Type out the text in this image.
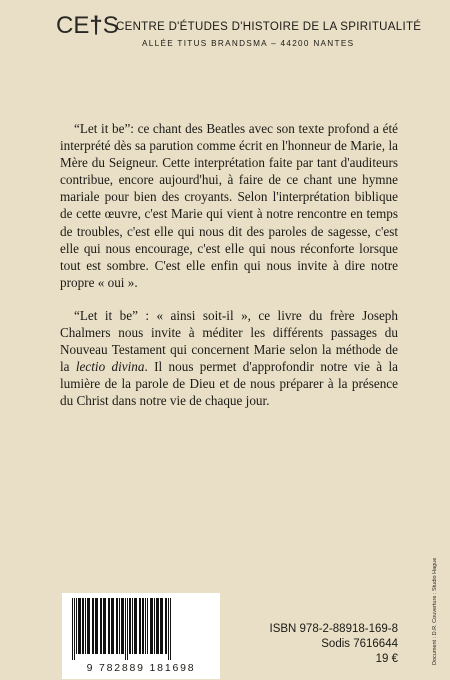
CE†S
CENTRE D'ÉTUDES D'HISTOIRE DE LA SPIRITUALITÉ
ALLÉE TITUS BRANDSMA – 44200 NANTES

“Let it be”: ce chant des Beatles avec son texte profond a été interprété dès sa parution comme écrit en l'honneur de Marie, la Mère du Seigneur. Cette interprétation faite par tant d'auditeurs contribue, encore aujourd'hui, à faire de ce chant une hymne mariale pour bien des croyants. Selon l'interprétation biblique de cette œuvre, c'est Marie qui vient à notre rencontre en temps de troubles, c'est elle qui nous dit des paroles de sagesse, c'est elle qui nous encourage, c'est elle qui nous réconforte lorsque tout est sombre. C'est elle enfin qui nous invite à dire notre propre « oui ».

“Let it be” : « ainsi soit-il », ce livre du frère Joseph Chalmers nous invite à méditer les différents passages du Nouveau Testament qui concernent Marie selon la méthode de la lectio divina. Il nous permet d'approfondir notre vie à la lumière de la parole de Dieu et de nous préparer à la présence du Christ dans notre vie de chaque jour.

9 782889 181698
ISBN 978-2-88918-169-8
Sodis 7616644
19 €	Document : D.R. Couverture : Studio Hague
